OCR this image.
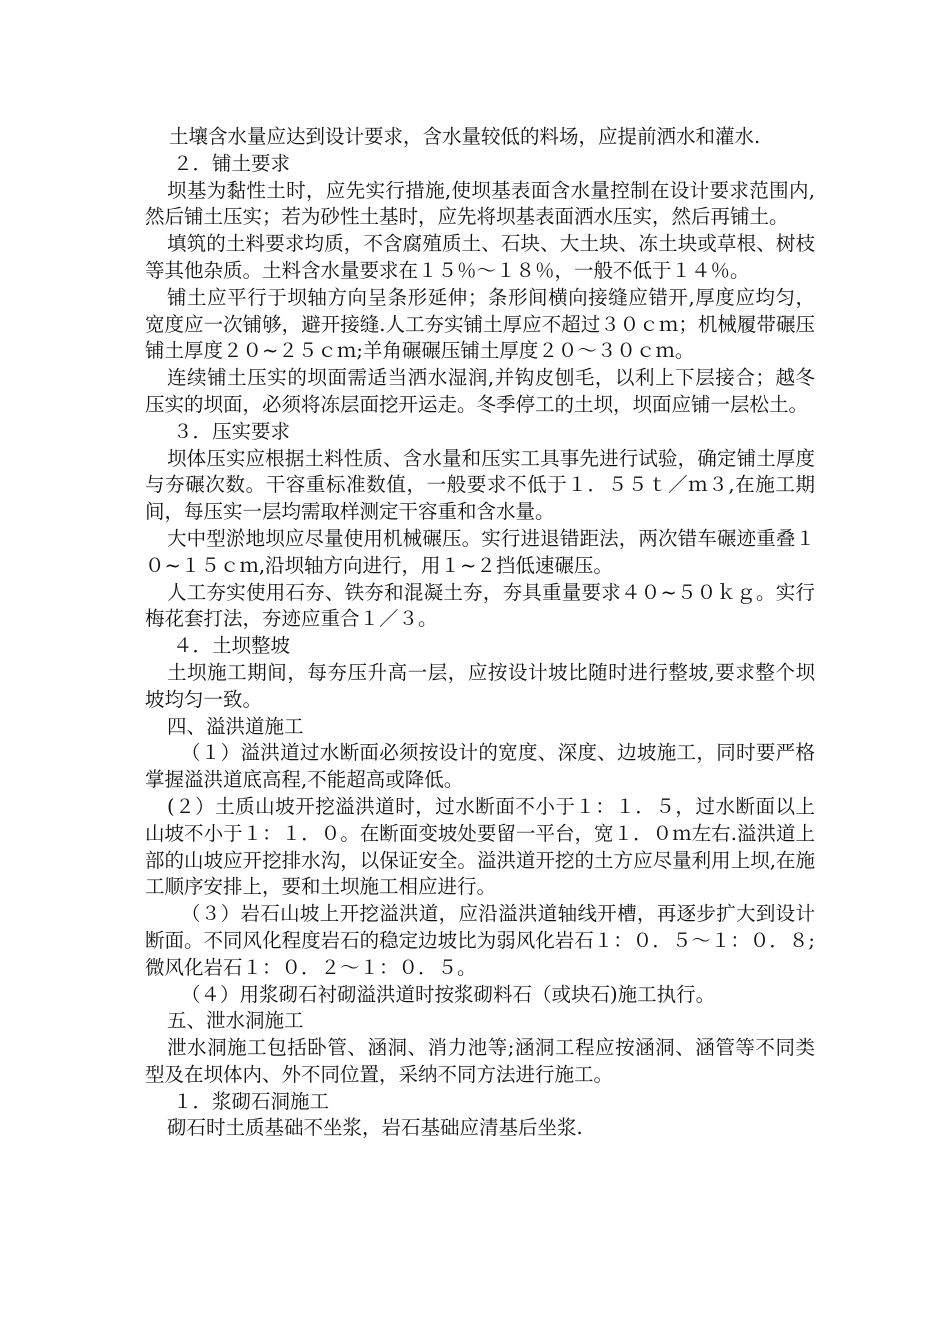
土壤含水量应达到设计要求，含水量较低的料场，应提前洒水和灌水.

２．铺土要求

坝基为黏性土时，应先实行措施,使坝基表面含水量控制在设计要求范围内,然后铺土压实；若为砂性土基时，应先将坝基表面洒水压实，然后再铺土。

填筑的土料要求均质，不含腐殖质土、石块、大土块、冻土块或草根、树枝等其他杂质。土料含水量要求在１５％～１８％，一般不低于１４％。

铺土应平行于坝轴方向呈条形延伸；条形间横向接缝应错开,厚度应均匀，宽度应一次铺够，避开接缝.人工夯实铺土厚应不超过３０ｃｍ；机械履带碾压铺土厚度２０~２５ｃｍ;羊角碾碾压铺土厚度２０～３０ｃｍ。

连续铺土压实的坝面需适当洒水湿润,并钩皮刨毛，以利上下层接合；越冬压实的坝面，必须将冻层面挖开运走。冬季停工的土坝，坝面应铺一层松土。

３．压实要求

坝体压实应根据土料性质、含水量和压实工具事先进行试验，确定铺土厚度与夯碾次数。干容重标准数值，一般要求不低于１．５５ｔ／ｍ３,在施工期间，每压实一层均需取样测定干容重和含水量。

大中型淤地坝应尽量使用机械碾压。实行进退错距法，两次错车碾迹重叠１０~１５ｃｍ,沿坝轴方向进行，用１~２挡低速碾压。

人工夯实使用石夯、铁夯和混凝土夯，夯具重量要求４０~５０ｋｇ。实行梅花套打法，夯迹应重合１／３。

４．土坝整坡

土坝施工期间，每夯压升高一层，应按设计坡比随时进行整坡,要求整个坝坡均匀一致。

四、溢洪道施工

（１）溢洪道过水断面必须按设计的宽度、深度、边坡施工，同时要严格掌握溢洪道底高程,不能超高或降低。

(２）土质山坡开挖溢洪道时，过水断面不小于１：１．５，过水断面以上山坡不小于１：１．０。在断面变坡处要留一平台，宽１．０ｍ左右.溢洪道上部的山坡应开挖排水沟，以保证安全。溢洪道开挖的土方应尽量利用上坝,在施工顺序安排上，要和土坝施工相应进行。

（３）岩石山坡上开挖溢洪道，应沿溢洪道轴线开槽，再逐步扩大到设计断面。不同风化程度岩石的稳定边坡比为弱风化岩石１：０．５～１：０．８;微风化岩石１：０．２～１：０．５。

（４）用浆砌石衬砌溢洪道时按浆砌料石（或块石)施工执行。

五、泄水洞施工

泄水洞施工包括卧管、涵洞、消力池等;涵洞工程应按涵洞、涵管等不同类型及在坝体内、外不同位置，采纳不同方法进行施工。

１．浆砌石洞施工

砌石时土质基础不坐浆，岩石基础应清基后坐浆.
